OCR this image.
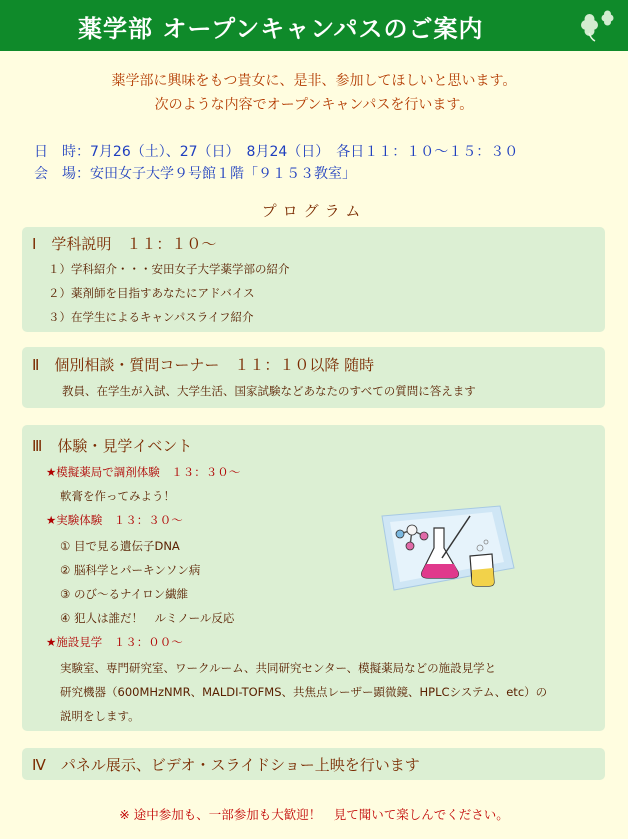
薬学部 オープンキャンパスのご案内
薬学部に興味をもつ貴女に、是非、参加してほしいと思います。
次のような内容でオープンキャンパスを行います。
日　時：7月26（土）、27（日）　8月24（日）　各日１１：１０～１５：３０
会　場：安田女子大学９号館１階「９１５３教室」
プログラム
Ⅰ　学科説明　１１：１０～
１）学科紹介・・・安田女子大学薬学部の紹介
２）薬剤師を目指すあなたにアドバイス
３）在学生によるキャンパスライフ紹介
Ⅱ　個別相談・質問コーナー　１１：１０以降 随時
教員、在学生が入試、大学生活、国家試験などあなたのすべての質問に答えます
Ⅲ　体験・見学イベント
★模擬薬局で調剤体験　１３：３０～
軟膏を作ってみよう！
★実験体験　１３：３０～
① 目で見る遺伝子DNA
② 脳科学とパーキンソン病
③ のび～るナイロン繊維
④ 犯人は誰だ！　ルミノール反応
★施設見学　１３：００～
実験室、専門研究室、ワークルーム、共同研究センター、模擬薬局などの施設見学と
研究機器（600MHzNMR、MALDI-TOFMS、共焦点レーザー顕微鏡、HPLCシステム、etc）の
説明をします。
Ⅳ　パネル展示、ビデオ・スライドショー上映を行います
※ 途中参加も、一部参加も大歓迎！　見て聞いて楽しんでください。
